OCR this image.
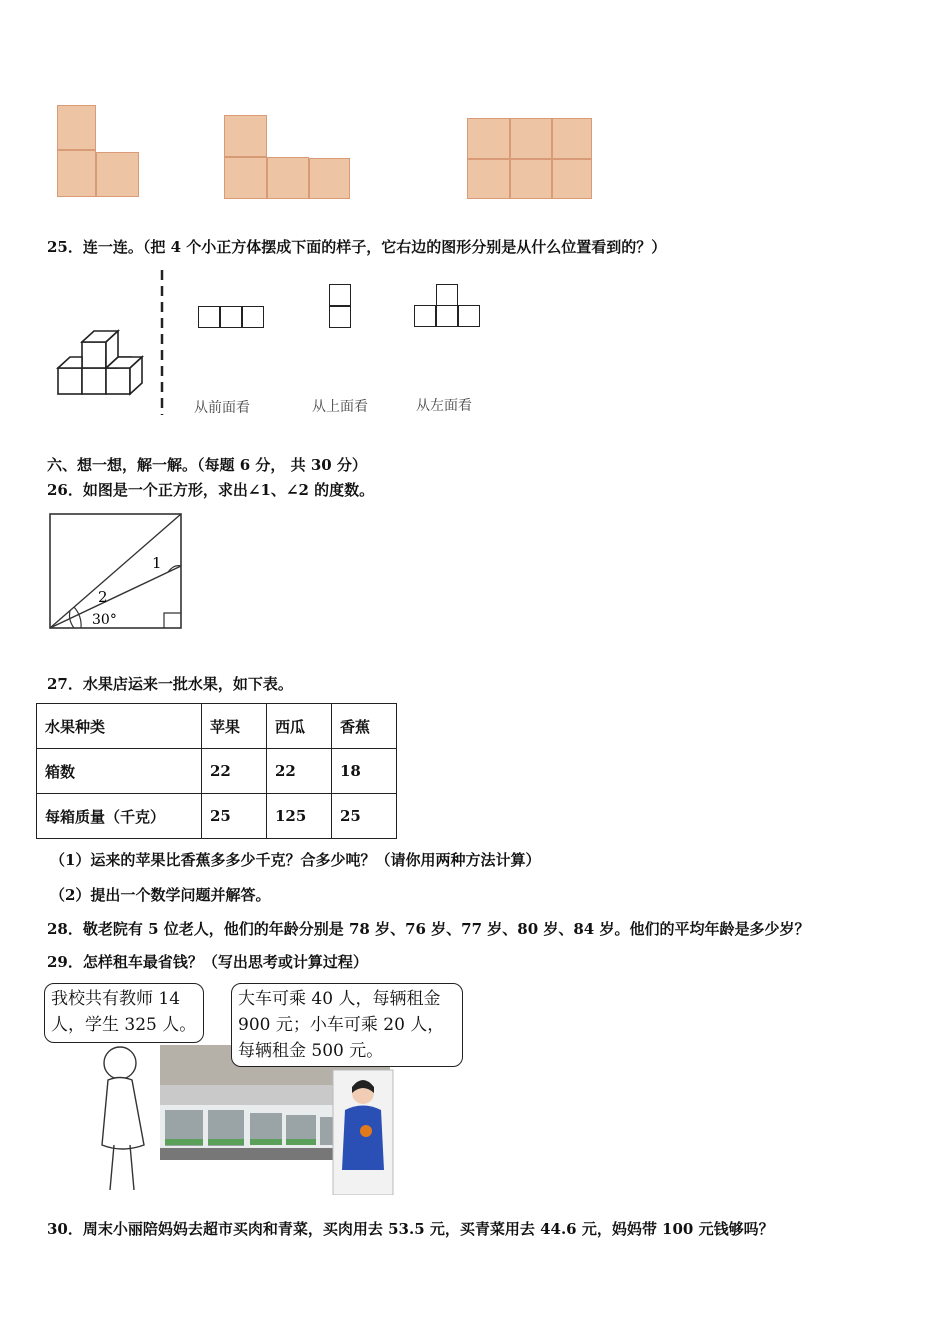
25．连一连。（把 4 个小正方体摆成下面的样子，它右边的图形分别是从什么位置看到的？）
从前面看	从上面看	从左面看
六、想一想，解一解。（每题 6 分， 共 30 分）
26．如图是一个正方形，求出∠1、∠2 的度数。
1
2
30°
27．水果店运来一批水果，如下表。
水果种类	苹果	西瓜	香蕉
箱数	22	22	18
每箱质量（千克）	25	125	25
（1）运来的苹果比香蕉多多少千克？合多少吨？（请你用两种方法计算）
（2）提出一个数学问题并解答。
28．敬老院有 5 位老人，他们的年龄分别是 78 岁、76 岁、77 岁、80 岁、84 岁。他们的平均年龄是多少岁？
29．怎样租车最省钱？（写出思考或计算过程）
我校共有教师 14
人，学生 325 人。
大车可乘 40 人，每辆租金
900 元；小车可乘 20 人，
每辆租金 500 元。
30．周末小丽陪妈妈去超市买肉和青菜，买肉用去 53.5 元，买青菜用去 44.6 元，妈妈带 100 元钱够吗？
